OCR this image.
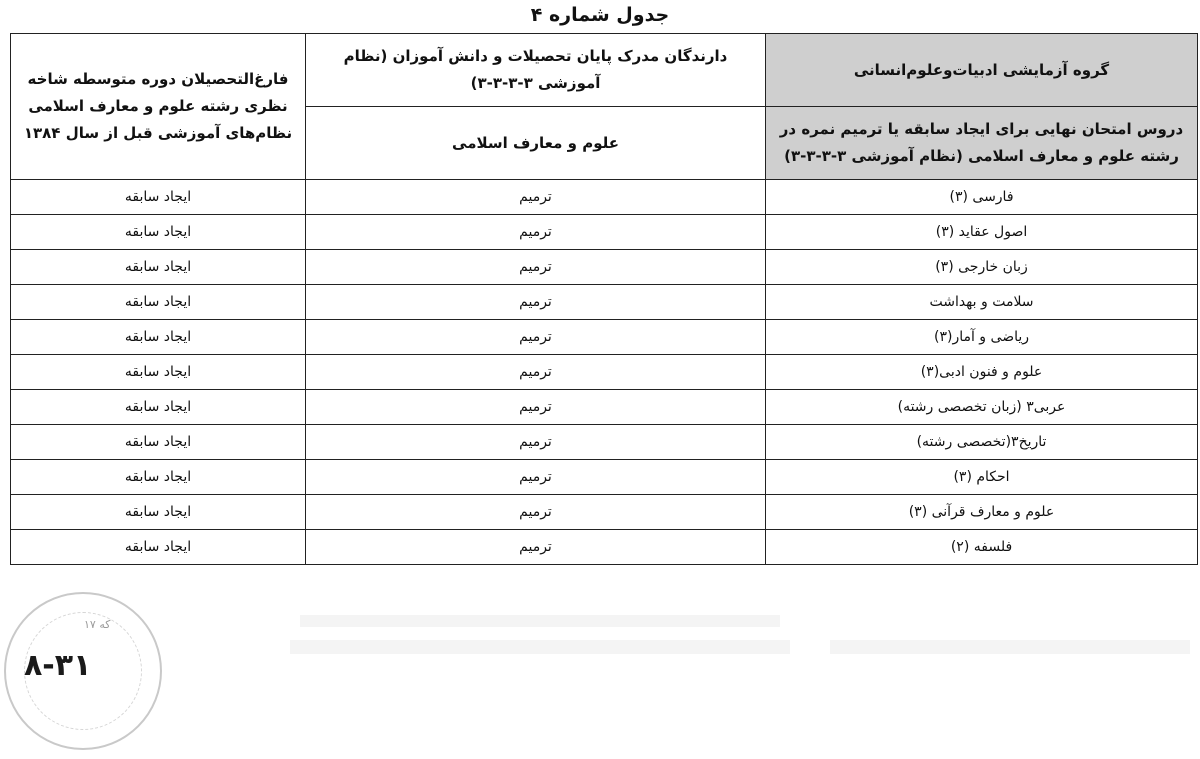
جدول شماره ۴
گروه آزمایشی ادبیات‌وعلوم‌انسانی	دارندگان مدرک پایان تحصیلات و دانش آموزان (نظام آموزشی ۳-۳-۳-۳)	فارغ‌التحصیلان دوره متوسطه شاخه نظری رشته علوم و معارف اسلامی نظام‌های آموزشی قبل از سال ۱۳۸۴
دروس امتحان نهایی برای ایجاد سابقه یا ترمیم نمره در رشته علوم و معارف اسلامی (نظام آموزشی ۳-۳-۳-۳)	علوم و معارف اسلامی	
فارسی (۳)	ترمیم	ایجاد سابقه
اصول عقاید (۳)	ترمیم	ایجاد سابقه
زبان خارجی (۳)	ترمیم	ایجاد سابقه
سلامت و بهداشت	ترمیم	ایجاد سابقه
ریاضی و آمار(۳)	ترمیم	ایجاد سابقه
علوم و فنون ادبی(۳)	ترمیم	ایجاد سابقه
عربی۳ (زبان تخصصی رشته)	ترمیم	ایجاد سابقه
تاریخ۳(تخصصی رشته)	ترمیم	ایجاد سابقه
احکام (۳)	ترمیم	ایجاد سابقه
علوم و معارف قرآنی (۳)	ترمیم	ایجاد سابقه
فلسفه (۲)	ترمیم	ایجاد سابقه
که ۱۷
۸-۳۱
